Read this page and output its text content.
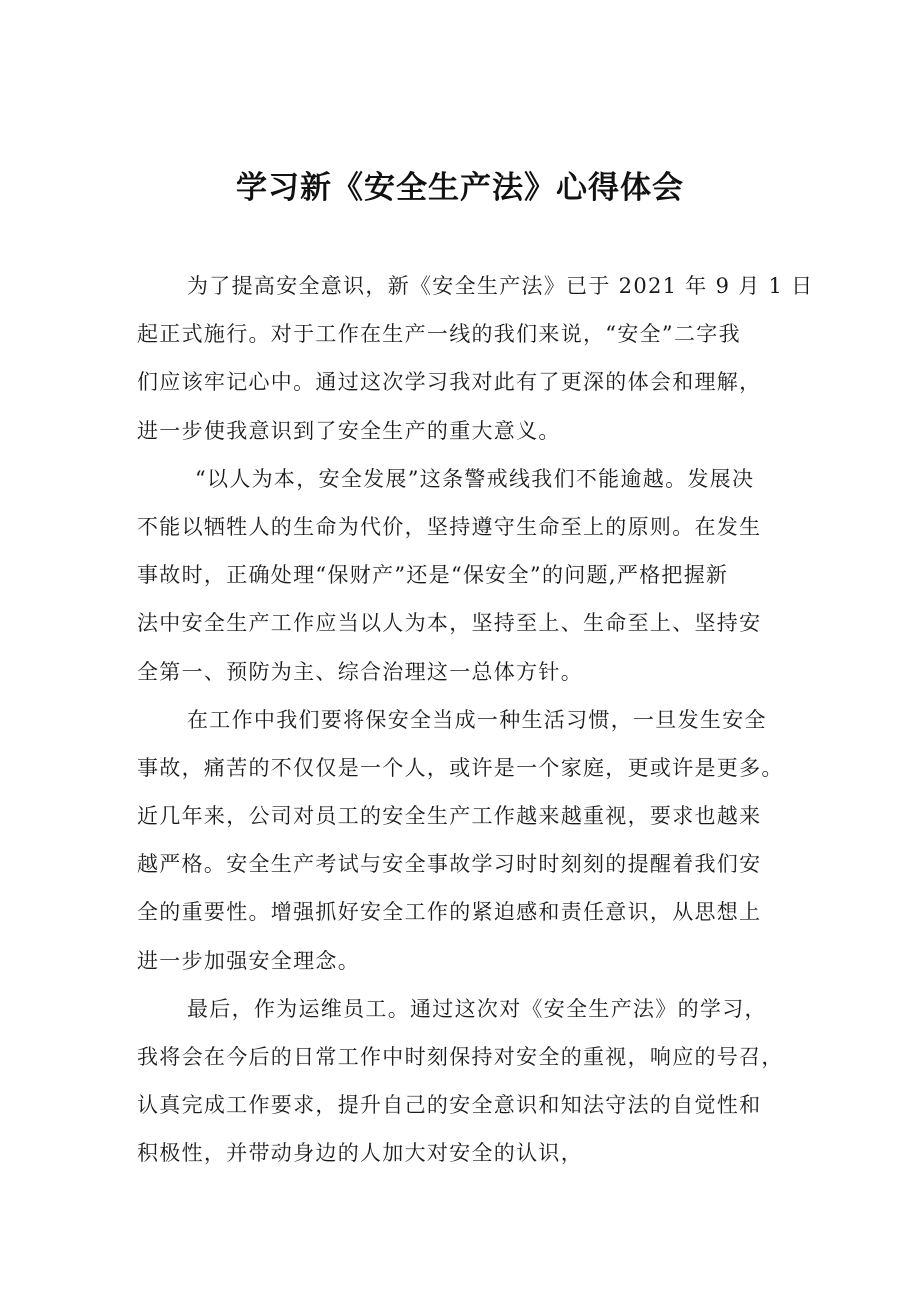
学习新《安全生产法》心得体会
为了提高安全意识，新《安全生产法》已于 2021 年 9 月 1 日
起正式施行。对于工作在生产一线的我们来说，“安全”二字我
们应该牢记心中。通过这次学习我对此有了更深的体会和理解，
进一步使我意识到了安全生产的重大意义。
“以人为本，安全发展”这条警戒线我们不能逾越。发展决
不能以牺牲人的生命为代价，坚持遵守生命至上的原则。在发生
事故时，正确处理“保财产”还是“保安全”的问题,严格把握新
法中安全生产工作应当以人为本，坚持至上、生命至上、坚持安
全第一、预防为主、综合治理这一总体方针。
在工作中我们要将保安全当成一种生活习惯，一旦发生安全
事故，痛苦的不仅仅是一个人，或许是一个家庭，更或许是更多。
近几年来，公司对员工的安全生产工作越来越重视，要求也越来
越严格。安全生产考试与安全事故学习时时刻刻的提醒着我们安
全的重要性。增强抓好安全工作的紧迫感和责任意识，从思想上
进一步加强安全理念。
最后，作为运维员工。通过这次对《安全生产法》的学习，
我将会在今后的日常工作中时刻保持对安全的重视，响应的号召，
认真完成工作要求，提升自己的安全意识和知法守法的自觉性和
积极性，并带动身边的人加大对安全的认识，
